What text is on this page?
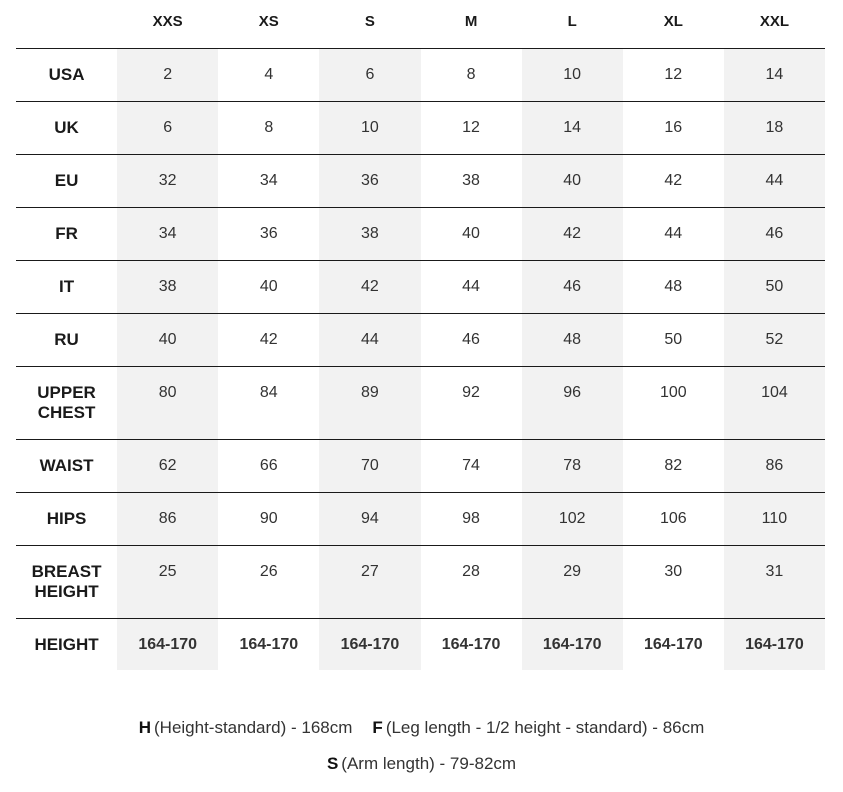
	XXS	XS	S	M	L	XL	XXL
USA	2	4	6	8	10	12	14
UK	6	8	10	12	14	16	18
EU	32	34	36	38	40	42	44
FR	34	36	38	40	42	44	46
IT	38	40	42	44	46	48	50
RU	40	42	44	46	48	50	52
UPPER CHEST	80	84	89	92	96	100	104
WAIST	62	66	70	74	78	82	86
HIPS	86	90	94	98	102	106	110
BREAST HEIGHT	25	26	27	28	29	30	31
HEIGHT	164-170	164-170	164-170	164-170	164-170	164-170	164-170
H (Height-standard) - 168cm F (Leg length - 1/2 height - standard) - 86cm
S (Arm length) - 79-82cm
